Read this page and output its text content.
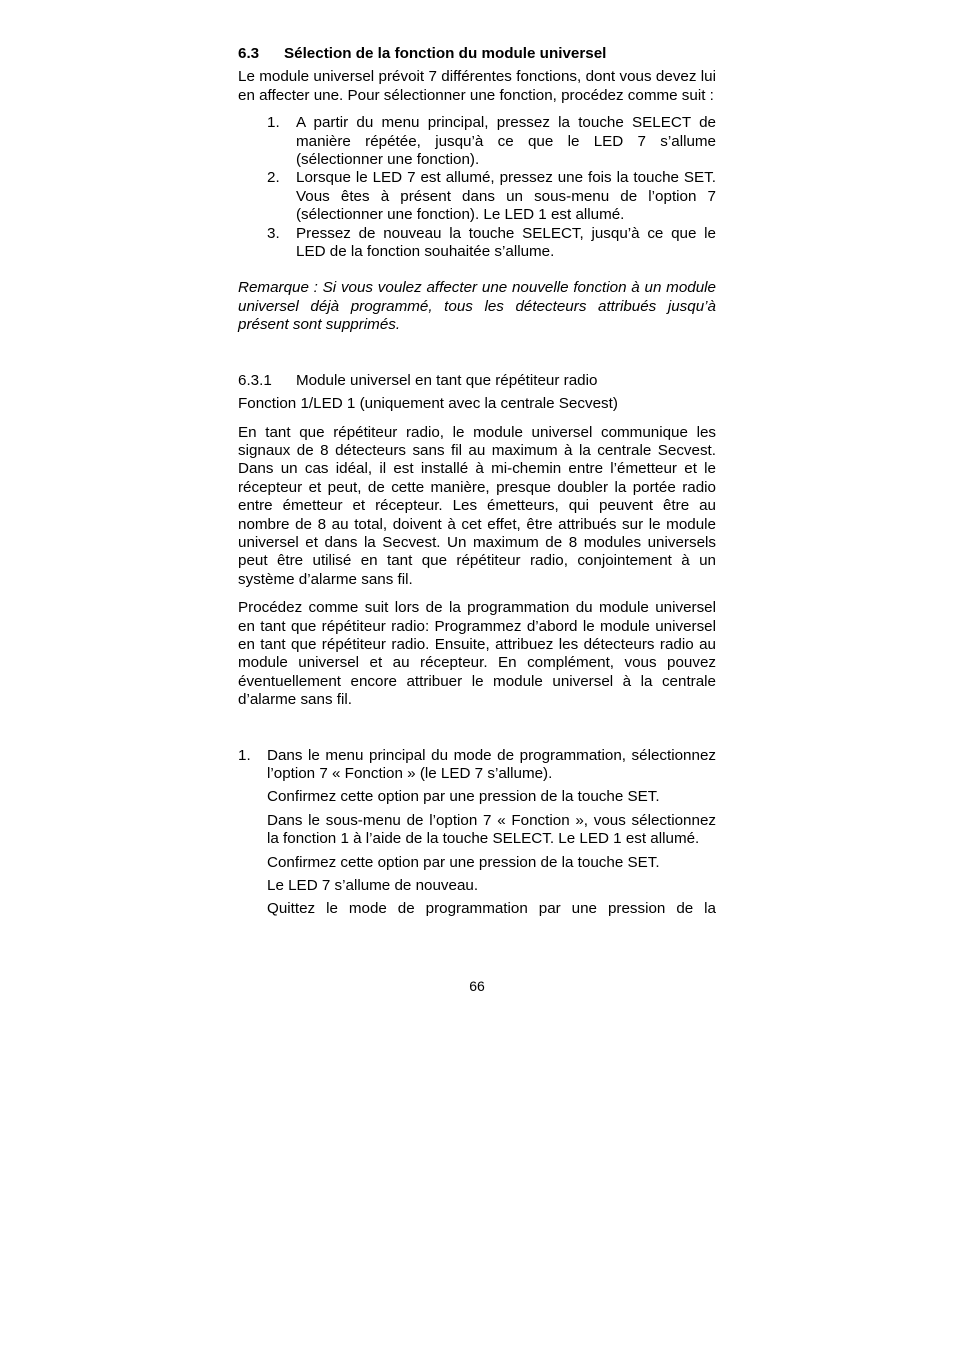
6.3	Sélection de la fonction du module universel

Le module universel prévoit 7 différentes fonctions, dont vous devez lui en affecter une. Pour sélectionner une fonction, procédez comme suit :

1.	A partir du menu principal, pressez la touche SELECT de manière répétée, jusqu’à ce que le LED 7 s’allume (sélectionner une fonction).
2.	Lorsque le LED 7 est allumé, pressez une fois la touche SET. Vous êtes à présent dans un sous-menu de l’option 7 (sélectionner une fonction). Le LED 1 est allumé.
3.	Pressez de nouveau la touche SELECT, jusqu’à ce que le LED de la fonction souhaitée s’allume.

Remarque : Si vous voulez affecter une nouvelle fonction à un module universel déjà programmé, tous les détecteurs attribués jusqu’à présent sont supprimés.

6.3.1	Module universel en tant que répétiteur radio

Fonction 1/LED 1 (uniquement avec la centrale Secvest)

En tant que répétiteur radio, le module universel communique les signaux de 8 détecteurs sans fil au maximum à la centrale Secvest. Dans un cas idéal, il est installé à mi-chemin entre l’émetteur et le récepteur et peut, de cette manière, presque doubler la portée radio entre émetteur et récepteur. Les émetteurs, qui peuvent être au nombre de 8 au total, doivent à cet effet, être attribués sur le module universel et dans la Secvest. Un maximum de 8 modules universels peut être utilisé en tant que répétiteur radio, conjointement à un système d’alarme sans fil.

Procédez comme suit lors de la programmation du module universel en tant que répétiteur radio: Programmez d’abord le module universel en tant que répétiteur radio. Ensuite, attribuez les détecteurs radio au module universel et au récepteur. En complément, vous pouvez éventuellement encore attribuer le module universel à la centrale d’alarme sans fil.

1.	Dans le menu principal du mode de programmation, sélectionnez l’option 7 « Fonction » (le LED 7 s’allume).

Confirmez cette option par une pression de la touche SET.

Dans le sous-menu de l’option 7 « Fonction », vous sélectionnez la fonction 1 à l’aide de la touche SELECT. Le LED 1 est allumé.

Confirmez cette option par une pression de la touche SET.

Le LED 7 s’allume de nouveau.

Quittez le mode de programmation par une pression de la

66
